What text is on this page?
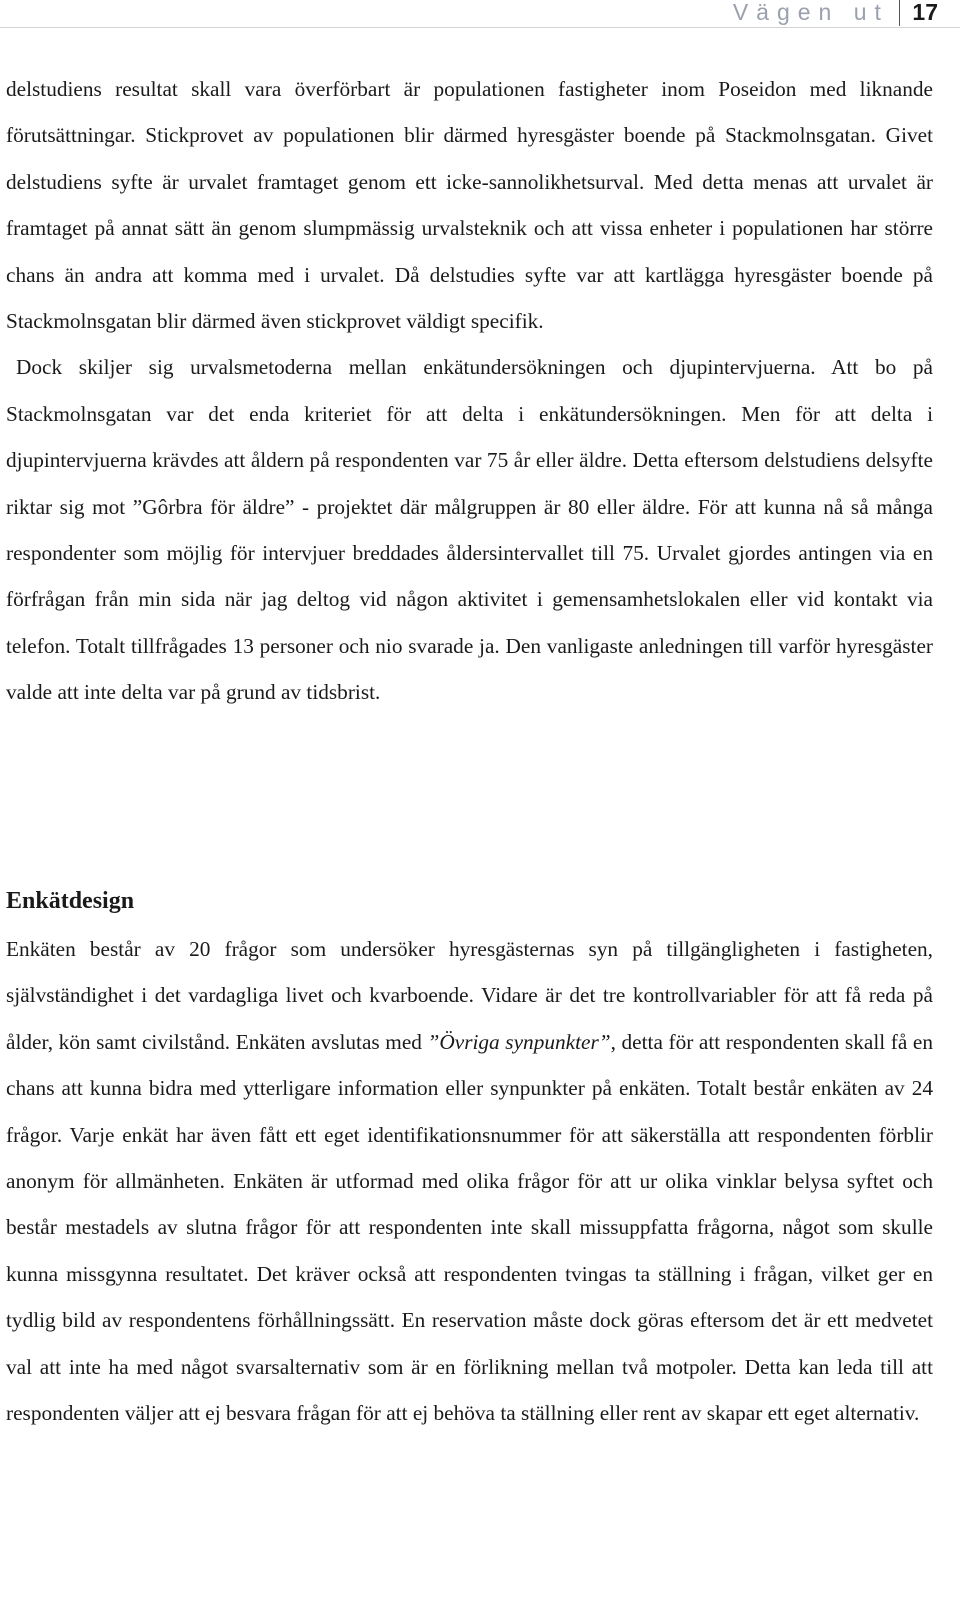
Vägen ut	17

delstudiens resultat skall vara överförbart är populationen fastigheter inom Poseidon med liknande förutsättningar. Stickprovet av populationen blir därmed hyresgäster boende på Stackmolnsgatan. Givet delstudiens syfte är urvalet framtaget genom ett icke-sannolikhetsurval. Med detta menas att urvalet är framtaget på annat sätt än genom slumpmässig urvalsteknik och att vissa enheter i populationen har större chans än andra att komma med i urvalet. Då delstudies syfte var att kartlägga hyresgäster boende på Stackmolnsgatan blir därmed även stickprovet väldigt specifik.
Dock skiljer sig urvalsmetoderna mellan enkätundersökningen och djupintervjuerna. Att bo på Stackmolnsgatan var det enda kriteriet för att delta i enkätundersökningen. Men för att delta i djupintervjuerna krävdes att åldern på respondenten var 75 år eller äldre. Detta eftersom delstudiens delsyfte riktar sig mot ”Gôrbra för äldre” - projektet där målgruppen är 80 eller äldre. För att kunna nå så många respondenter som möjlig för intervjuer breddades åldersintervallet till 75. Urvalet gjordes antingen via en förfrågan från min sida när jag deltog vid någon aktivitet i gemensamhetslokalen eller vid kontakt via telefon. Totalt tillfrågades 13 personer och nio svarade ja. Den vanligaste anledningen till varför hyresgäster valde att inte delta var på grund av tidsbrist.

Enkätdesign

Enkäten består av 20 frågor som undersöker hyresgästernas syn på tillgängligheten i fastigheten, självständighet i det vardagliga livet och kvarboende. Vidare är det tre kontrollvariabler för att få reda på ålder, kön samt civilstånd. Enkäten avslutas med ”Övriga synpunkter”, detta för att respondenten skall få en chans att kunna bidra med ytterligare information eller synpunkter på enkäten. Totalt består enkäten av 24 frågor. Varje enkät har även fått ett eget identifikationsnummer för att säkerställa att respondenten förblir anonym för allmänheten. Enkäten är utformad med olika frågor för att ur olika vinklar belysa syftet och består mestadels av slutna frågor för att respondenten inte skall missuppfatta frågorna, något som skulle kunna missgynna resultatet. Det kräver också att respondenten tvingas ta ställning i frågan, vilket ger en tydlig bild av respondentens förhållningssätt. En reservation måste dock göras eftersom det är ett medvetet val att inte ha med något svarsalternativ som är en förlikning mellan två motpoler. Detta kan leda till att respondenten väljer att ej besvara frågan för att ej behöva ta ställning eller rent av skapar ett eget alternativ.
